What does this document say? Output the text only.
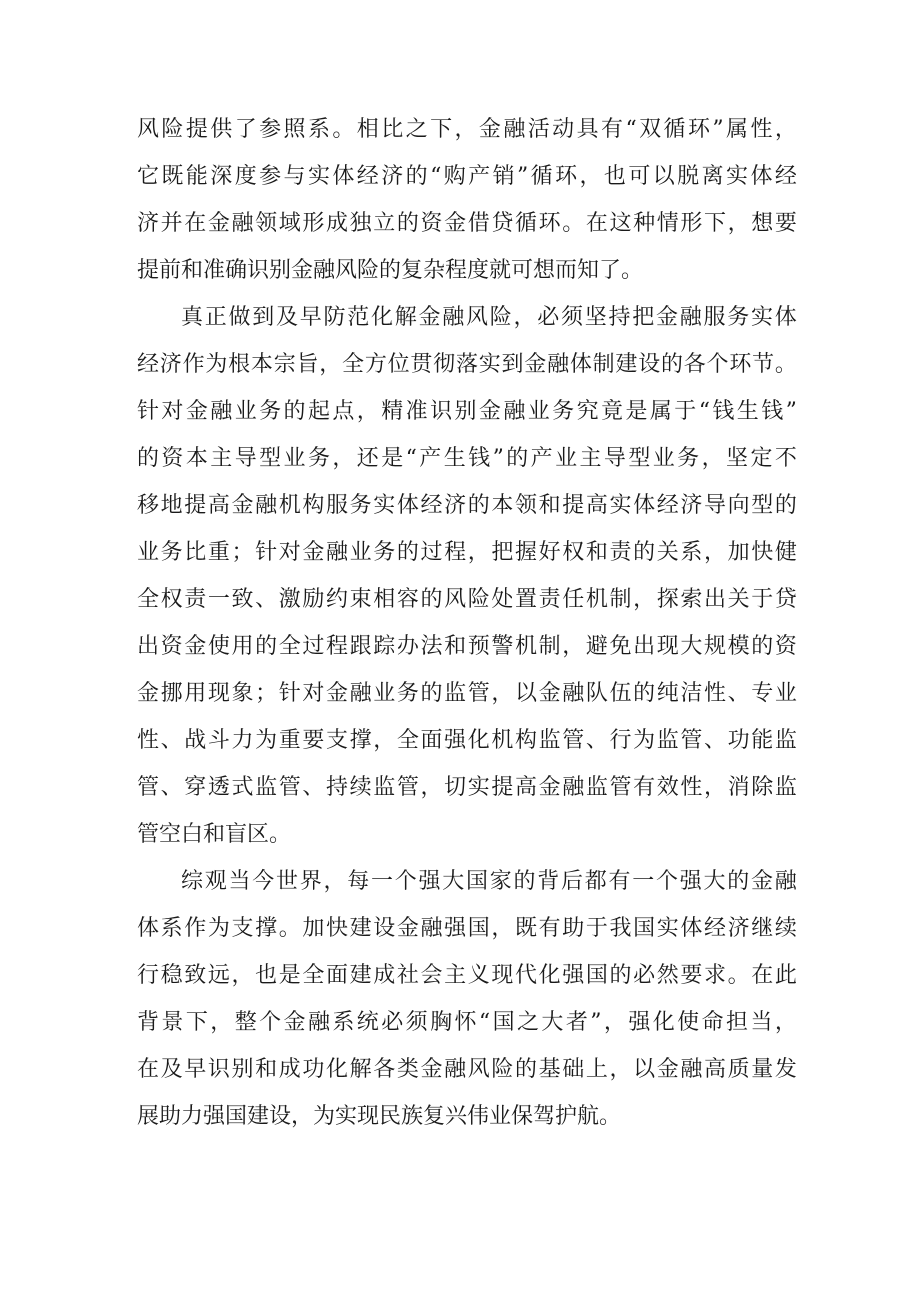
风 险 提 供 了 参 照 系 。 相 比 之 下 ， 金 融 活 动 具 有 “ 双 循 环 ” 属 性 ，
它 既 能 深 度 参 与 实 体 经 济 的 “ 购 产 销 ” 循 环 ， 也 可 以 脱 离 实 体 经
济 并 在 金 融 领 域 形 成 独 立 的 资 金 借 贷 循 环 。 在 这 种 情 形 下 ， 想 要
提前和准确识别金融风险的复杂程度就可想而知了。
真 正 做 到 及 早 防 范 化 解 金 融 风 险 ， 必 须 坚 持 把 金 融 服 务 实 体
经 济 作 为 根 本 宗 旨 ， 全 方 位 贯 彻 落 实 到 金 融 体 制 建 设 的 各 个 环 节 。
针 对 金 融 业 务 的 起 点 ， 精 准 识 别 金 融 业 务 究 竟 是 属 于 “ 钱 生 钱 ”
的 资 本 主 导 型 业 务 ， 还 是 “ 产 生 钱 ” 的 产 业 主 导 型 业 务 ， 坚 定 不
移 地 提 高 金 融 机 构 服 务 实 体 经 济 的 本 领 和 提 高 实 体 经 济 导 向 型 的
业 务 比 重 ； 针 对 金 融 业 务 的 过 程 ， 把 握 好 权 和 责 的 关 系 ， 加 快 健
全 权 责 一 致 、 激 励 约 束 相 容 的 风 险 处 置 责 任 机 制 ， 探 索 出 关 于 贷
出 资 金 使 用 的 全 过 程 跟 踪 办 法 和 预 警 机 制 ， 避 免 出 现 大 规 模 的 资
金 挪 用 现 象 ； 针 对 金 融 业 务 的 监 管 ， 以 金 融 队 伍 的 纯 洁 性 、 专 业
性 、 战 斗 力 为 重 要 支 撑 ， 全 面 强 化 机 构 监 管 、 行 为 监 管 、 功 能 监
管 、 穿 透 式 监 管 、 持 续 监 管 ， 切 实 提 高 金 融 监 管 有 效 性 ， 消 除 监
管空白和盲区。
综 观 当 今 世 界 ， 每 一 个 强 大 国 家 的 背 后 都 有 一 个 强 大 的 金 融
体 系 作 为 支 撑 。 加 快 建 设 金 融 强 国 ， 既 有 助 于 我 国 实 体 经 济 继 续
行 稳 致 远 ， 也 是 全 面 建 成 社 会 主 义 现 代 化 强 国 的 必 然 要 求 。 在 此
背 景 下 ， 整 个 金 融 系 统 必 须 胸 怀 “ 国 之 大 者 ” ， 强 化 使 命 担 当 ，
在 及 早 识 别 和 成 功 化 解 各 类 金 融 风 险 的 基 础 上 ， 以 金 融 高 质 量 发
展助力强国建设，为实现民族复兴伟业保驾护航。
